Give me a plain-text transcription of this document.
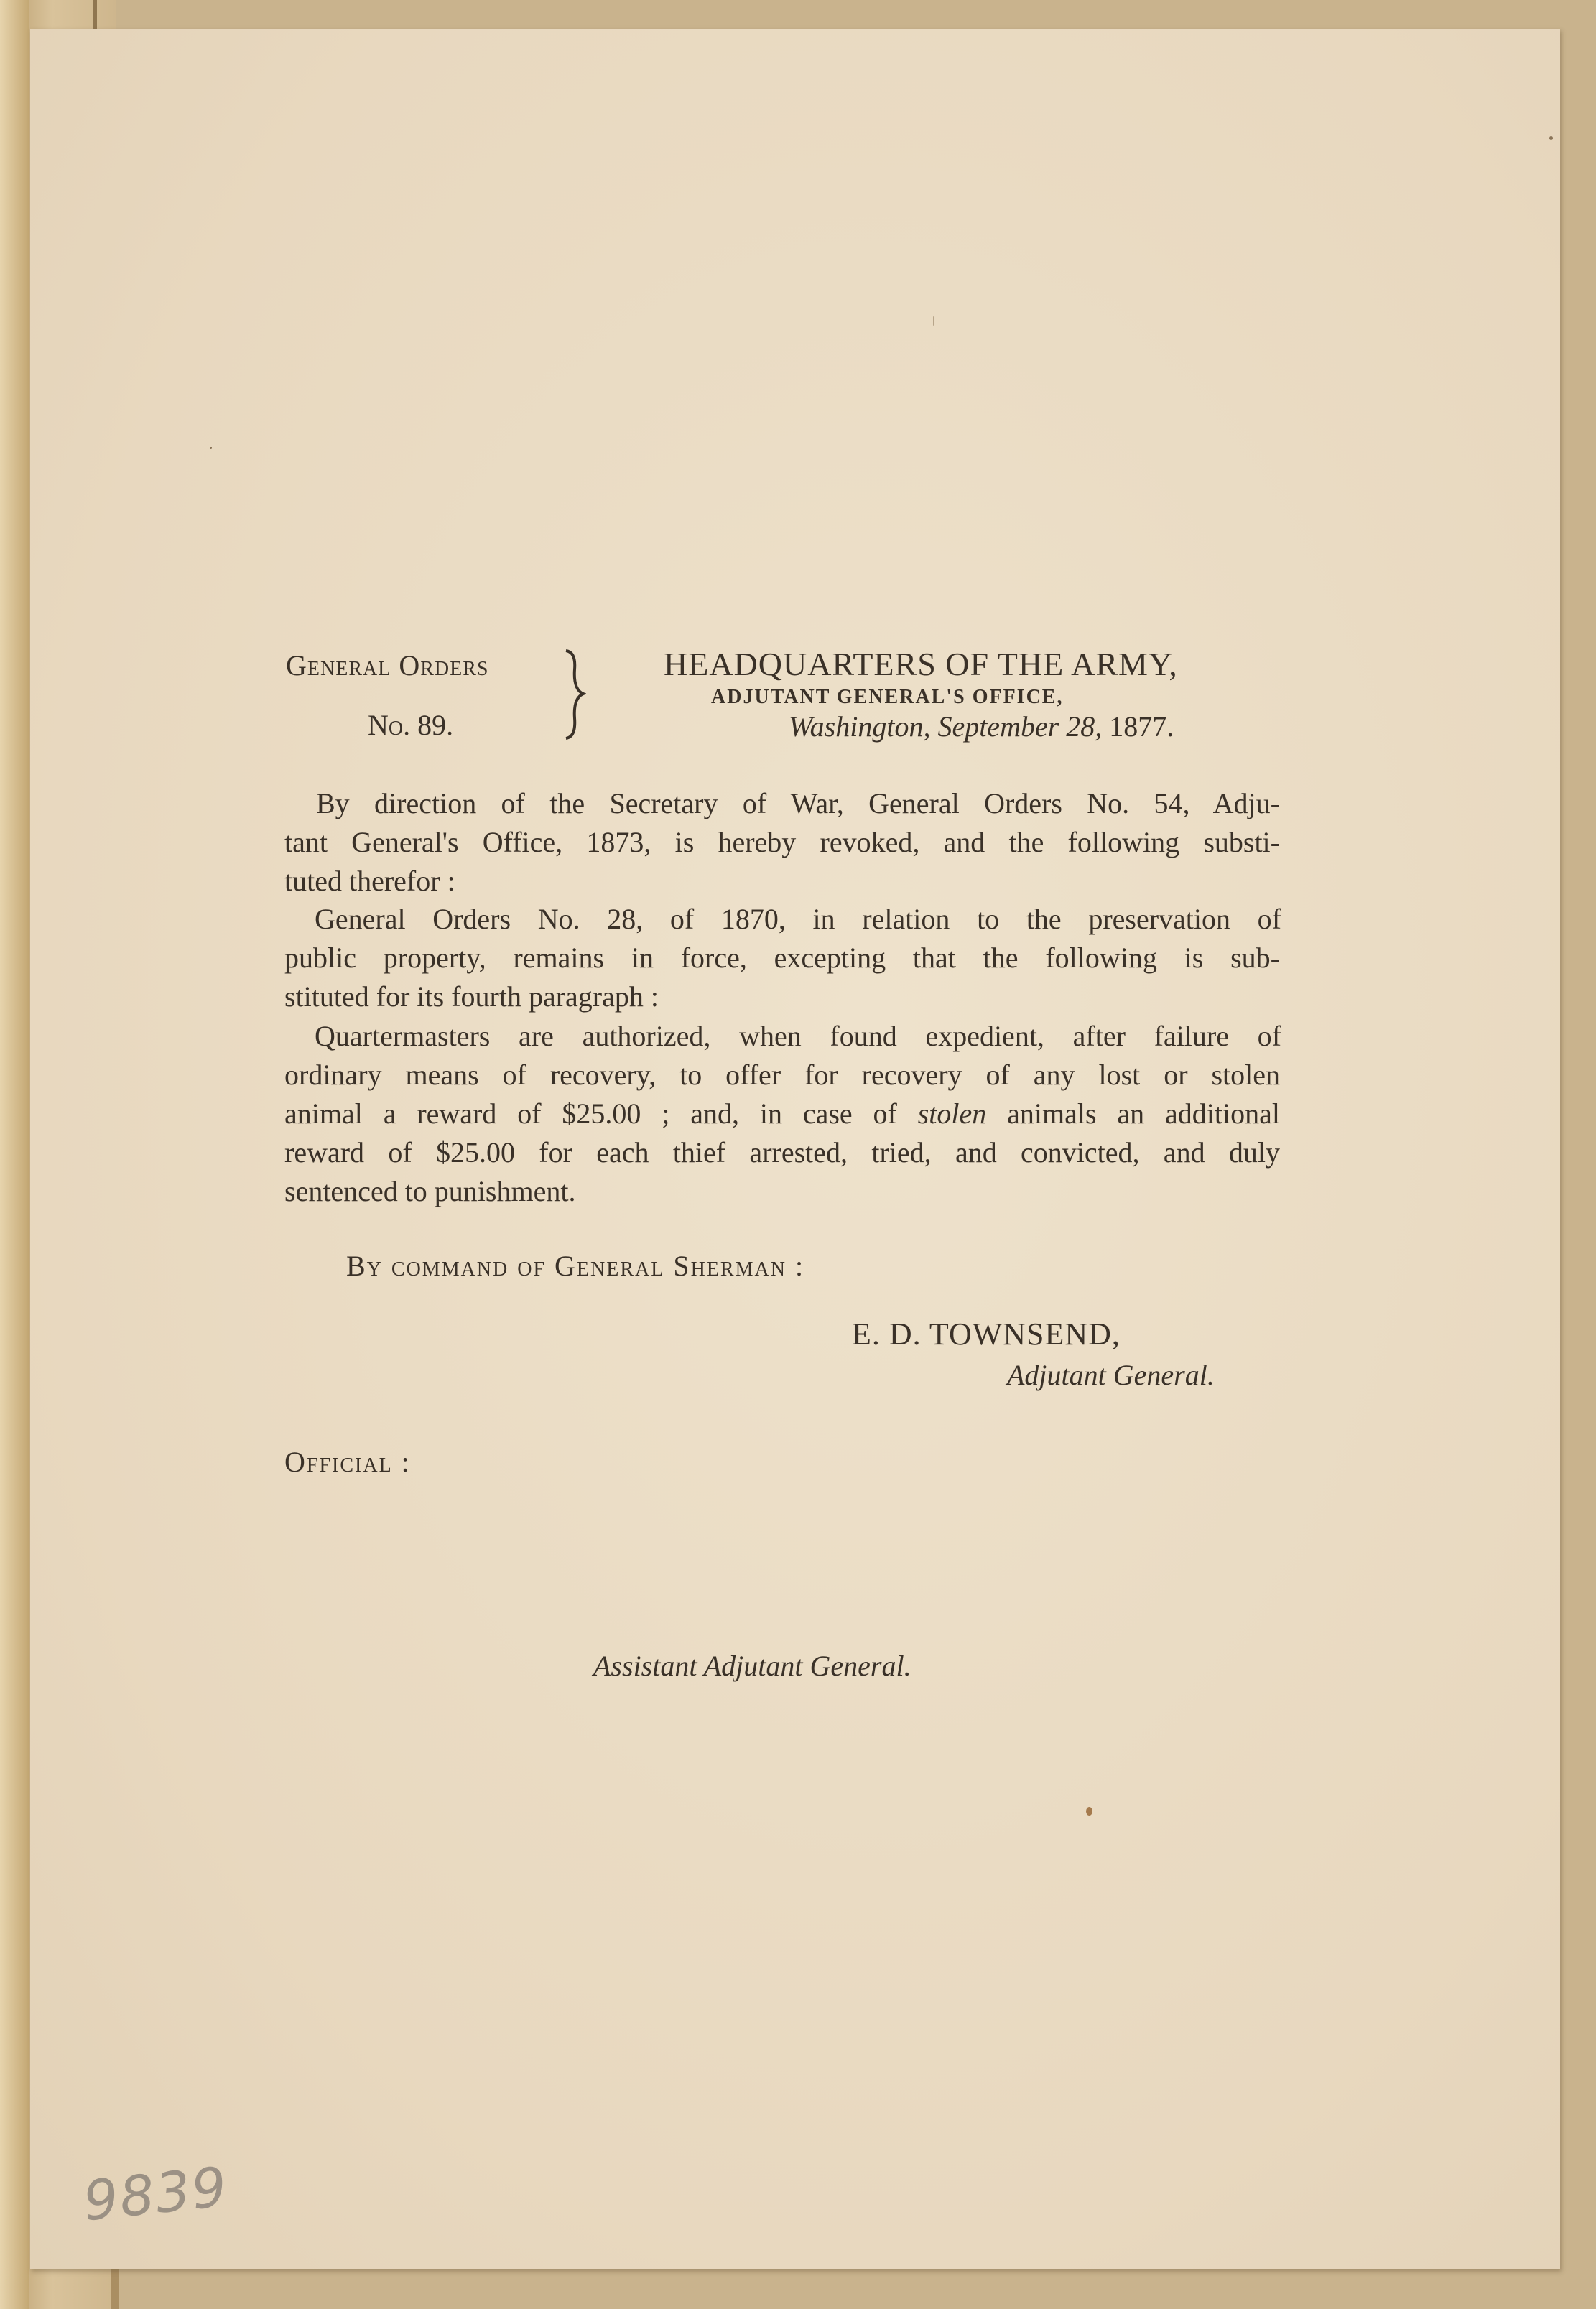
General Orders
No. 89.
HEADQUARTERS OF THE ARMY,
ADJUTANT GENERAL'S OFFICE,
Washington, September 28, 1877.
By direction of the Secretary of War, General Orders No. 54, Adju-
tant General's Office, 1873, is hereby revoked, and the following substi-
tuted therefor :
General Orders No. 28, of 1870, in relation to the preservation of
public property, remains in force, excepting that the following is sub-
stituted for its fourth paragraph :
Quartermasters are authorized, when found expedient, after failure of
ordinary means of recovery, to offer for recovery of any lost or stolen
animal a reward of $25.00 ; and, in case of stolen animals an additional
reward of $25.00 for each thief arrested, tried, and convicted, and duly
sentenced to punishment.
By command of General Sherman :
E. D. TOWNSEND,
Adjutant General.
Official :
Assistant Adjutant General.
9839
